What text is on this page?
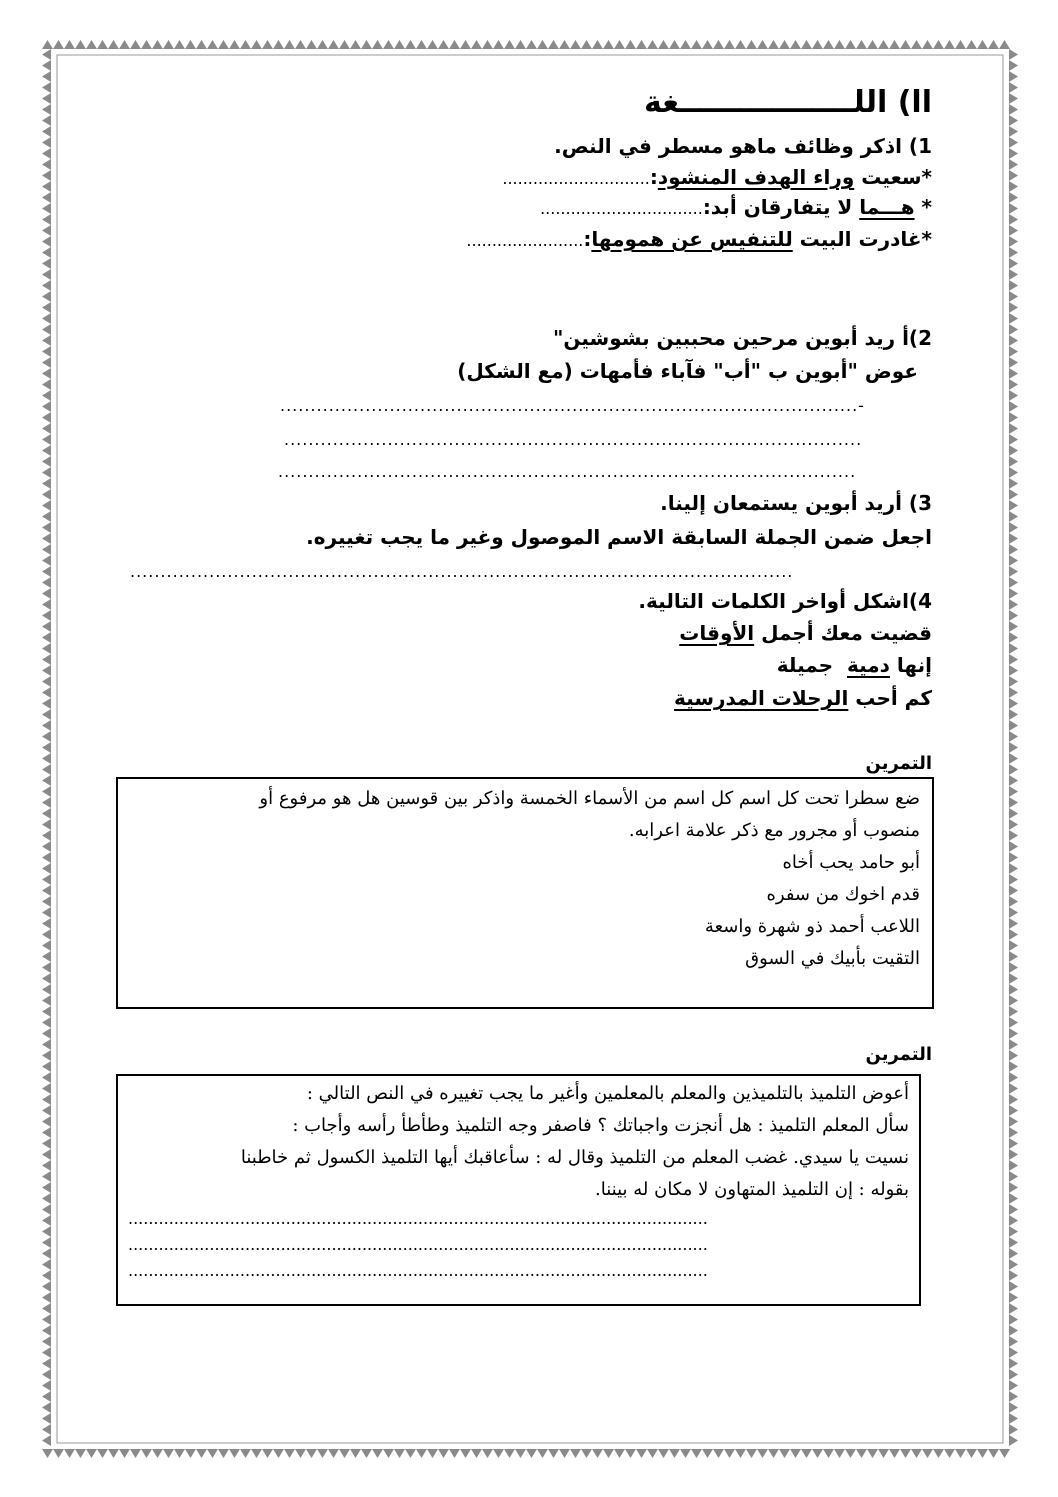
اا) اللـــــــــــــــــغة
1) اذكر وظائف ماهو مسطر في النص.
*سعيت وراء الهدف المنشود:.............................
* هـــما لا يتفارقان أبد:................................
*غادرت البيت للتنفيس عن همومها:.......................
2)أ ريد أبوين مرحين محببين بشوشين"
عوض "أبوين ب "أب" فآباء فأمهات (مع الشكل)
...............................................................................................-
...............................................................................................
...............................................................................................
3) أريد أبوين يستمعان إلينا.
اجعل ضمن الجملة السابقة الاسم الموصول وغير ما يجب تغييره.
.............................................................................................................
4)اشكل أواخر الكلمات التالية.
قضيت معك أجمل الأوقات
إنها دمية  جميلة
كم أحب الرحلات المدرسية
التمرين

ضع سطرا تحت كل اسم كل اسم من الأسماء الخمسة واذكر بين قوسين هل هو مرفوع أو

منصوب أو مجرور مع ذكر علامة اعرابه.

أبو حامد يحب أخاه

قدم اخوك من سفره

اللاعب أحمد ذو شهرة واسعة

التقيت بأبيك في السوق

التمرين

أعوض التلميذ بالتلميذين والمعلم بالمعلمين وأغير ما يجب تغييره في النص التالي :

سأل المعلم التلميذ : هل أنجزت واجباتك ؟ فاصفر وجه التلميذ وطأطأ رأسه وأجاب :

نسيت يا سيدي. غضب المعلم من التلميذ وقال له : سأعاقبك أيها التلميذ الكسول ثم خاطبنا

بقوله : إن التلميذ المتهاون لا مكان له بيننا.

..................................................................................................................

..................................................................................................................

..................................................................................................................
